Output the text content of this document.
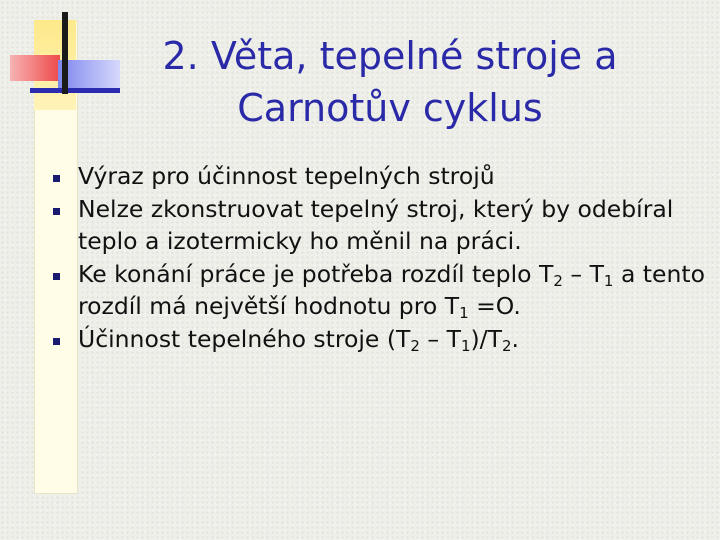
2. Věta, tepelné stroje a
Carnotův cyklus
Výraz pro účinnost tepelných strojů
Nelze zkonstruovat tepelný stroj, který by odebíral teplo a izotermicky ho měnil na práci.
Ke konání práce je potřeba rozdíl teplo $T_2 - T_1$ a tento rozdíl má největší hodnotu pro $T_1 =O$.
Účinnost tepelného stroje $(T_2 - T_1)/T_2$.
